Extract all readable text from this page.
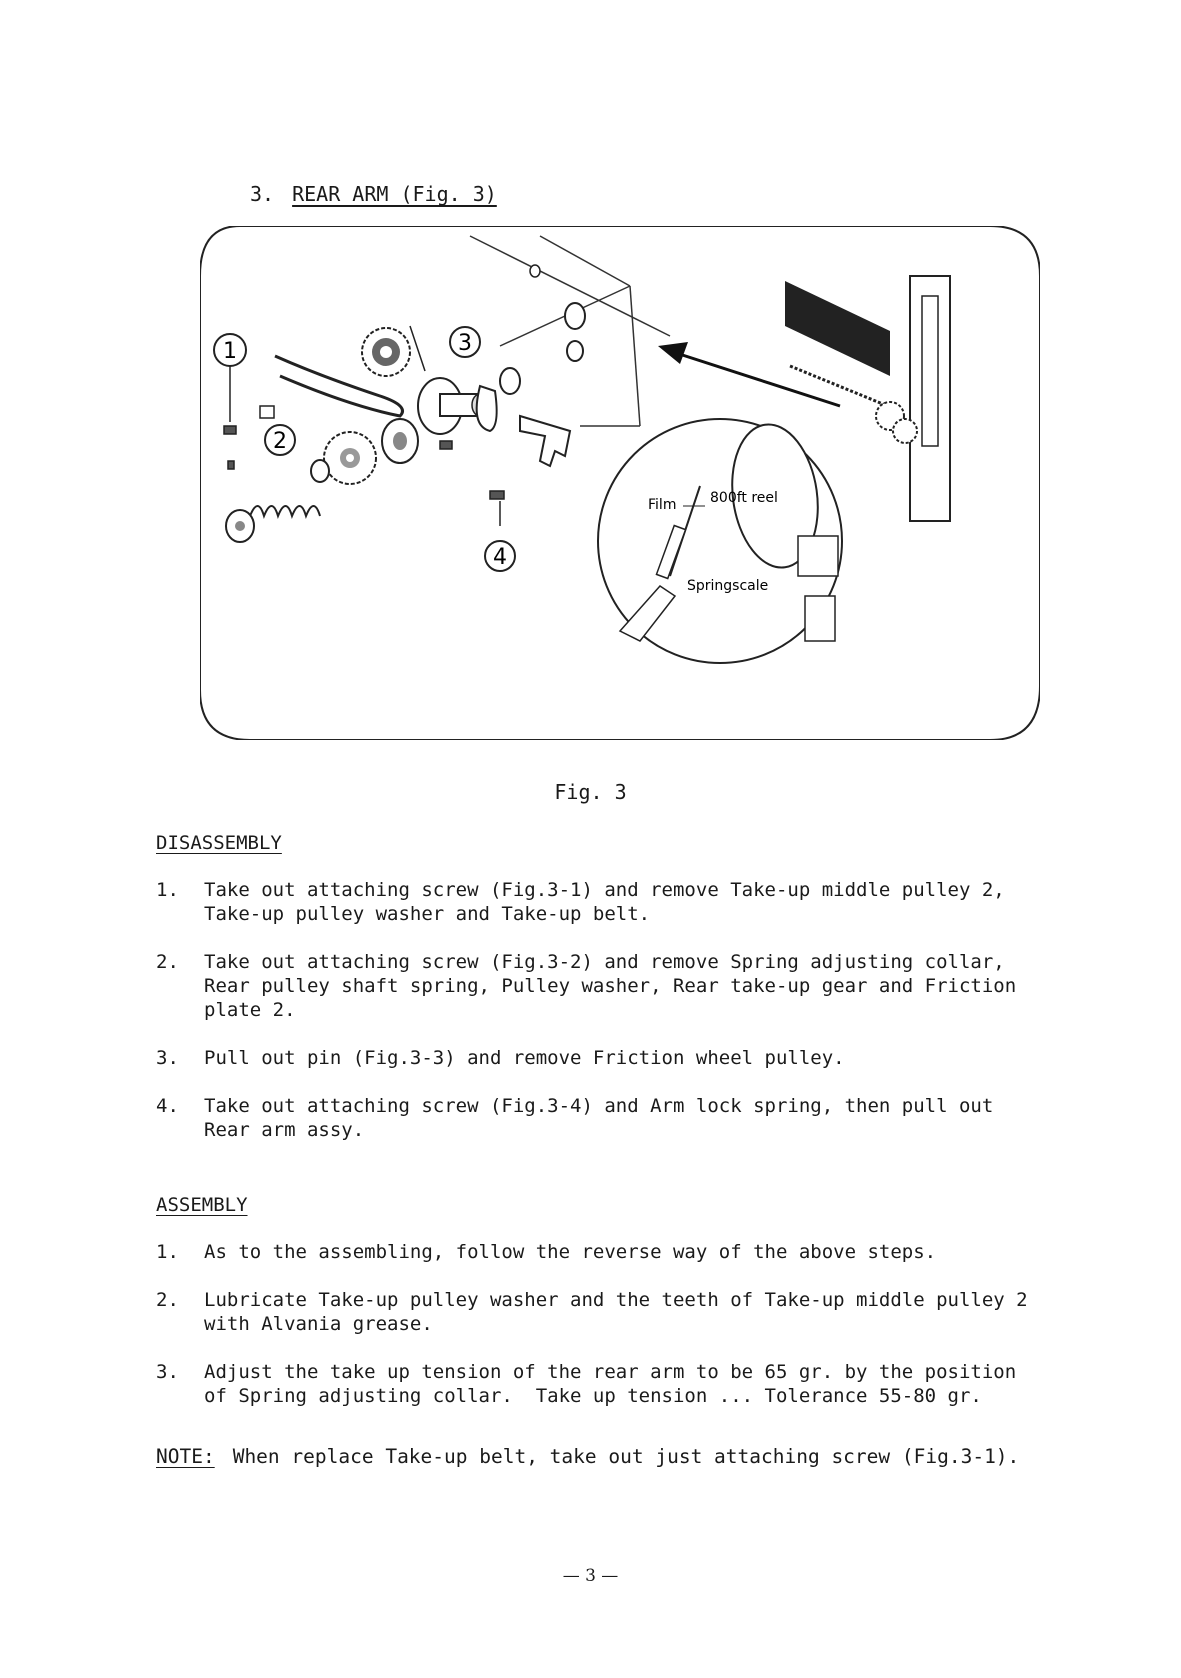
3. REAR ARM (Fig. 3)
1
2
3
4
Film 800ft reel
Springscale
Fig. 3
DISASSEMBLY
1.	Take out attaching screw (Fig.3-1) and remove Take-up middle pulley 2,
Take-up pulley washer and Take-up belt.
2.	Take out attaching screw (Fig.3-2) and remove Spring adjusting collar,
Rear pulley shaft spring, Pulley washer, Rear take-up gear and Friction
plate 2.
3.	Pull out pin (Fig.3-3) and remove Friction wheel pulley.
4.	Take out attaching screw (Fig.3-4) and Arm lock spring, then pull out
Rear arm assy.
ASSEMBLY
1.	As to the assembling, follow the reverse way of the above steps.
2.	Lubricate Take-up pulley washer and the teeth of Take-up middle pulley 2
with Alvania grease.
3.	Adjust the take up tension of the rear arm to be 65 gr. by the position
of Spring adjusting collar.  Take up tension ... Tolerance 55-80 gr.
NOTE: When replace Take-up belt, take out just attaching screw (Fig.3-1).
— 3 —
